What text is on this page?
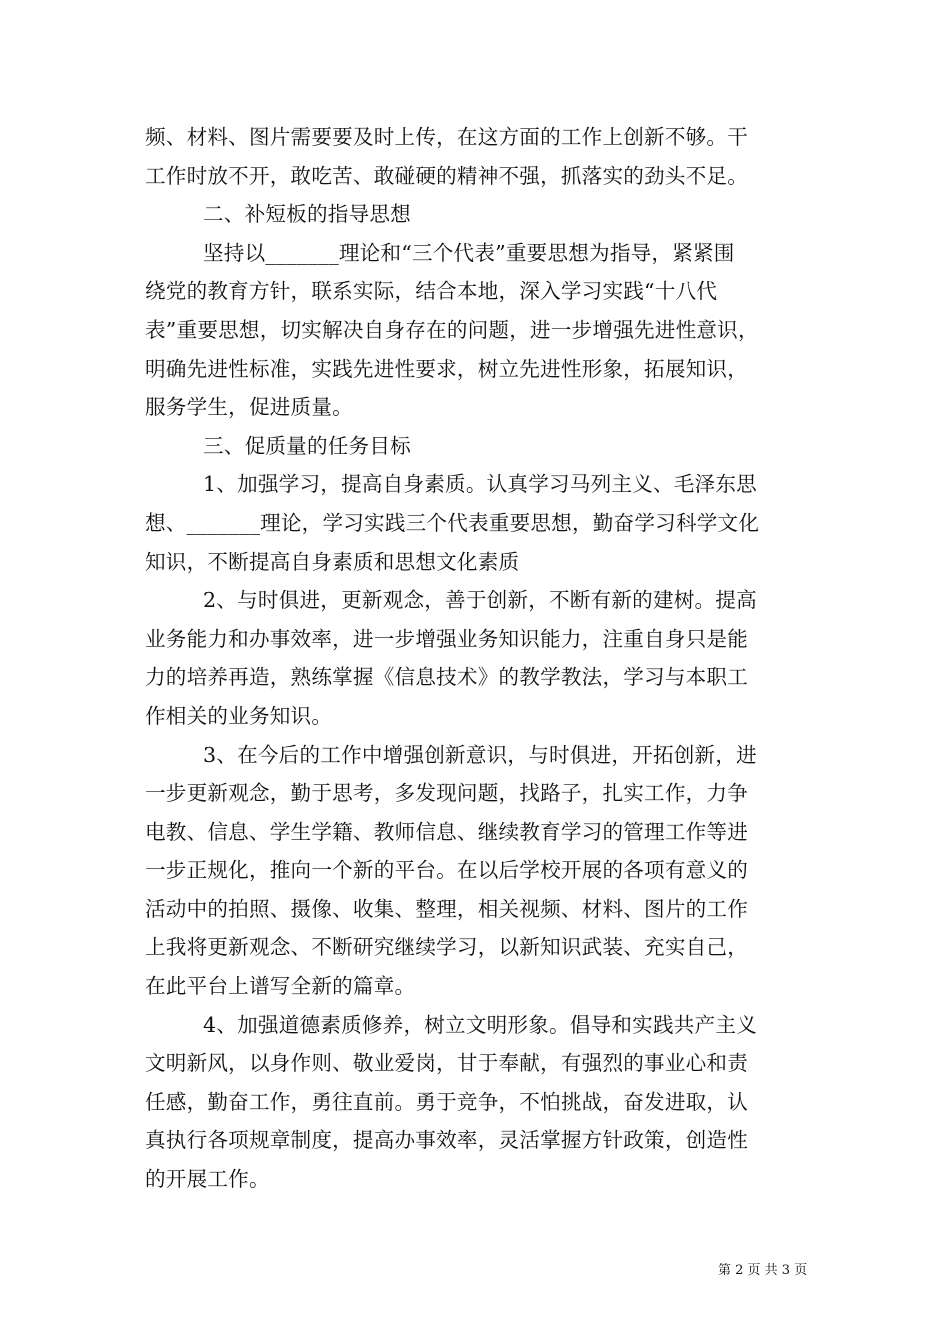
频、材料、图片需要要及时上传，在这方面的工作上创新不够。干
工作时放不开，敢吃苦、敢碰硬的精神不强，抓落实的劲头不足。
二、补短板的指导思想
坚持以_______理论和“三个代表”重要思想为指导，紧紧围
绕党的教育方针，联系实际，结合本地，深入学习实践“十八代
表”重要思想，切实解决自身存在的问题，进一步增强先进性意识，
明确先进性标准，实践先进性要求，树立先进性形象，拓展知识，
服务学生，促进质量。
三、促质量的任务目标
1、加强学习，提高自身素质。认真学习马列主义、毛泽东思
想、_______理论，学习实践三个代表重要思想，勤奋学习科学文化
知识，不断提高自身素质和思想文化素质
2、与时俱进，更新观念，善于创新，不断有新的建树。提高
业务能力和办事效率，进一步增强业务知识能力，注重自身只是能
力的培养再造，熟练掌握《信息技术》的教学教法，学习与本职工
作相关的业务知识。
3、在今后的工作中增强创新意识，与时俱进，开拓创新，进
一步更新观念，勤于思考，多发现问题，找路子，扎实工作，力争
电教、信息、学生学籍、教师信息、继续教育学习的管理工作等进
一步正规化，推向一个新的平台。在以后学校开展的各项有意义的
活动中的拍照、摄像、收集、整理，相关视频、材料、图片的工作
上我将更新观念、不断研究继续学习，以新知识武装、充实自己，
在此平台上谱写全新的篇章。
4、加强道德素质修养，树立文明形象。倡导和实践共产主义
文明新风，以身作则、敬业爱岗，甘于奉献，有强烈的事业心和责
任感，勤奋工作，勇往直前。勇于竞争，不怕挑战，奋发进取，认
真执行各项规章制度，提高办事效率，灵活掌握方针政策，创造性
的开展工作。
第 2 页 共 3 页
